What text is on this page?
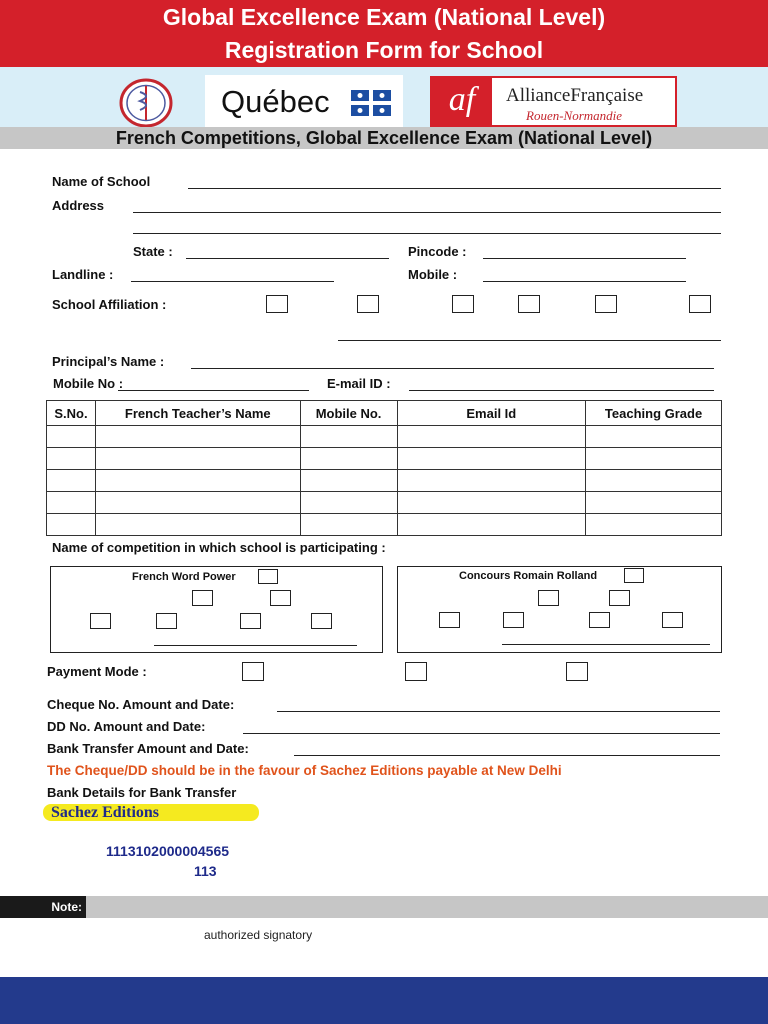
Global Excellence Exam (National Level)
Registration Form for School
Québec	af	AllianceFrançaise
Rouen-Normandie
French Competitions, Global Excellence Exam (National Level)
Name of School
Address
State :	Pincode :
Landline :	Mobile :
School Affiliation :
Principal’s Name :
Mobile No :	E-mail ID :
S.No.	French Teacher’s Name	Mobile No.	Email Id	Teaching Grade

Name of competition in which school is participating :
French Word Power	Concours Romain Rolland
Payment Mode :
Cheque No. Amount and Date:
DD No. Amount and Date:
Bank Transfer Amount and Date:
The Cheque/DD should be in the favour of Sachez Editions payable at New Delhi
Bank Details for Bank Transfer
Sachez Editions
1113102000004565
113
Note:
authorized signatory
